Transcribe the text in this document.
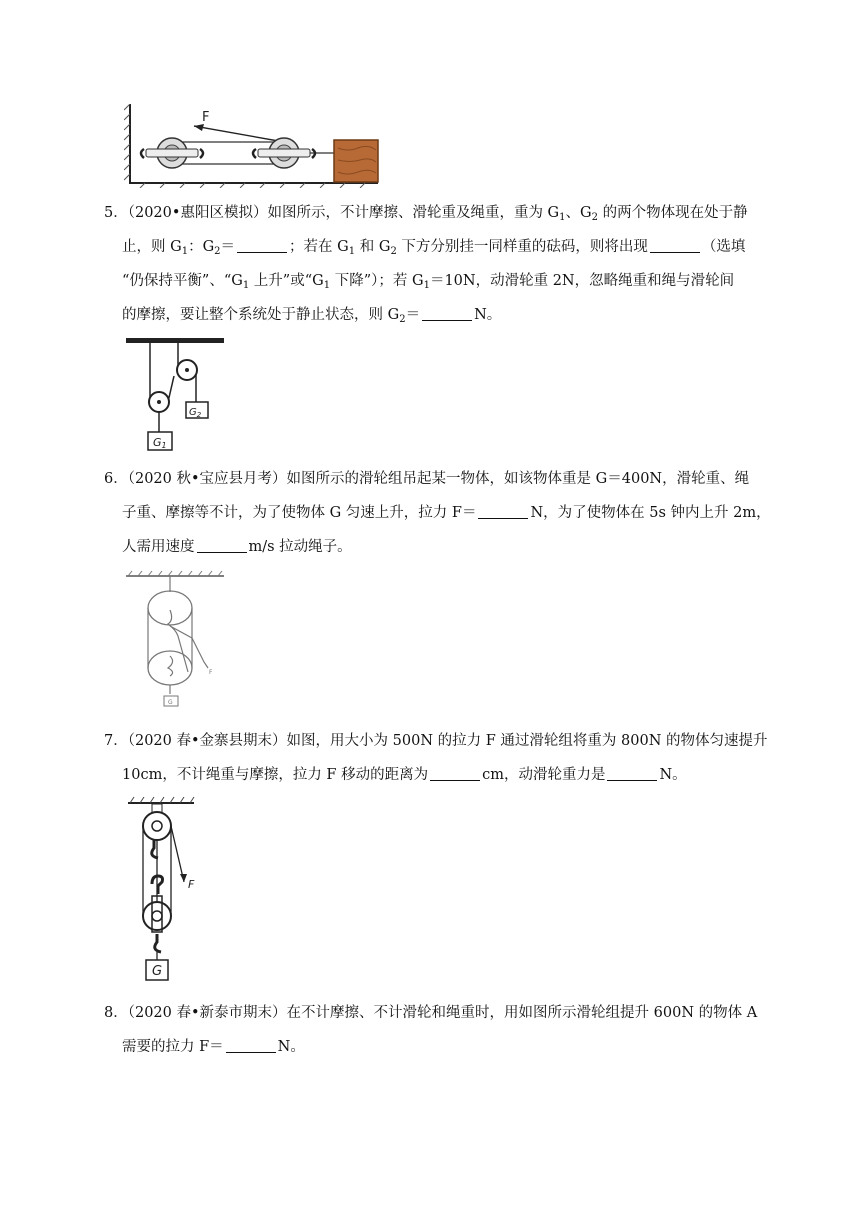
F
5．（2020•惠阳区模拟）如图所示，不计摩擦、滑轮重及绳重，重为 $G_1$、$G_2$ 的两个物体现在处于静
止，则 $G_1$：$G_2=$	；若在 $G_1$ 和 $G_2$ 下方分别挂一同样重的砝码，则将出现	（选填
“仍保持平衡”、“$G_1$ 上升”或“$G_1$ 下降”）；若 $G_1=10N$，动滑轮重 2N，忽略绳重和绳与滑轮间
的摩擦，要让整个系统处于静止状态，则 $G_2=$	N。
G1
$G_2$
6．（2020 秋•宝应县月考）如图所示的滑轮组吊起某一物体，如该物体重是 G＝400N，滑轮重、绳
子重、摩擦等不计，为了使物体 G 匀速上升，拉力 F＝	N，为了使物体在 5s 钟内上升 2m，
人需用速度	m/s 拉动绳子。
F
G
7．（2020 春•金寨县期末）如图，用大小为 500N 的拉力 F 通过滑轮组将重为 800N 的物体匀速提升
10cm，不计绳重与摩擦，拉力 F 移动的距离为	cm，动滑轮重力是	N。
F
G
8．（2020 春•新泰市期末）在不计摩擦、不计滑轮和绳重时，用如图所示滑轮组提升 600N 的物体 A
需要的拉力 F＝	N。
